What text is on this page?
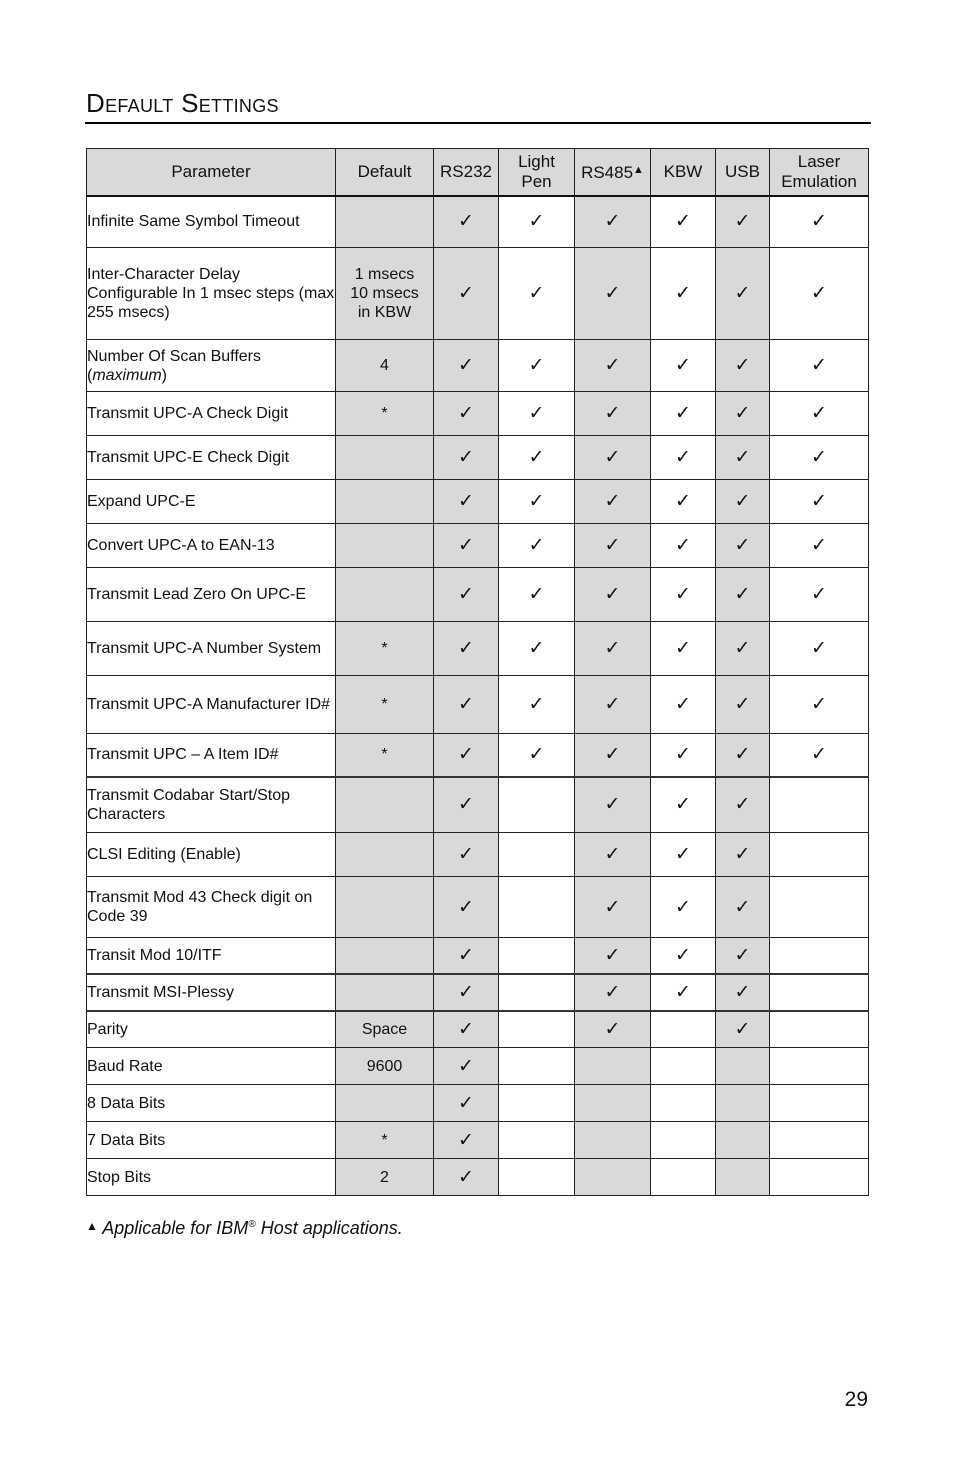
Default Settings
Parameter	Default	RS232	Light Pen	RS485▲	KBW	USB	Laser Emulation

Infinite Same Symbol Timeout		✓	✓	✓	✓	✓	✓
Inter-Character Delay Configurable In 1 msec steps (max 255 msecs)	1 msecs 10 msecs in KBW	✓	✓	✓	✓	✓	✓
Number Of Scan Buffers (maximum)	4	✓	✓	✓	✓	✓	✓
Transmit UPC-A Check Digit	*	✓	✓	✓	✓	✓	✓
Transmit UPC-E Check Digit		✓	✓	✓	✓	✓	✓
Expand UPC-E		✓	✓	✓	✓	✓	✓
Convert UPC-A to EAN-13		✓	✓	✓	✓	✓	✓
Transmit Lead Zero On UPC-E		✓	✓	✓	✓	✓	✓
Transmit UPC-A Number System	*	✓	✓	✓	✓	✓	✓
Transmit UPC-A Manufacturer ID#	*	✓	✓	✓	✓	✓	✓
Transmit UPC – A Item ID#	*	✓	✓	✓	✓	✓	✓
Transmit Codabar Start/Stop Characters		✓		✓	✓	✓	
CLSI Editing (Enable)		✓		✓	✓	✓	
Transmit Mod 43 Check digit on Code 39		✓		✓	✓	✓	
Transit Mod 10/ITF		✓		✓	✓	✓	
Transmit MSI-Plessy		✓		✓	✓	✓	
Parity	Space	✓		✓		✓	
Baud Rate	9600	✓					
8 Data Bits		✓					
7 Data Bits	*	✓					
Stop Bits	2	✓					

▲ Applicable for IBM® Host applications.

29
